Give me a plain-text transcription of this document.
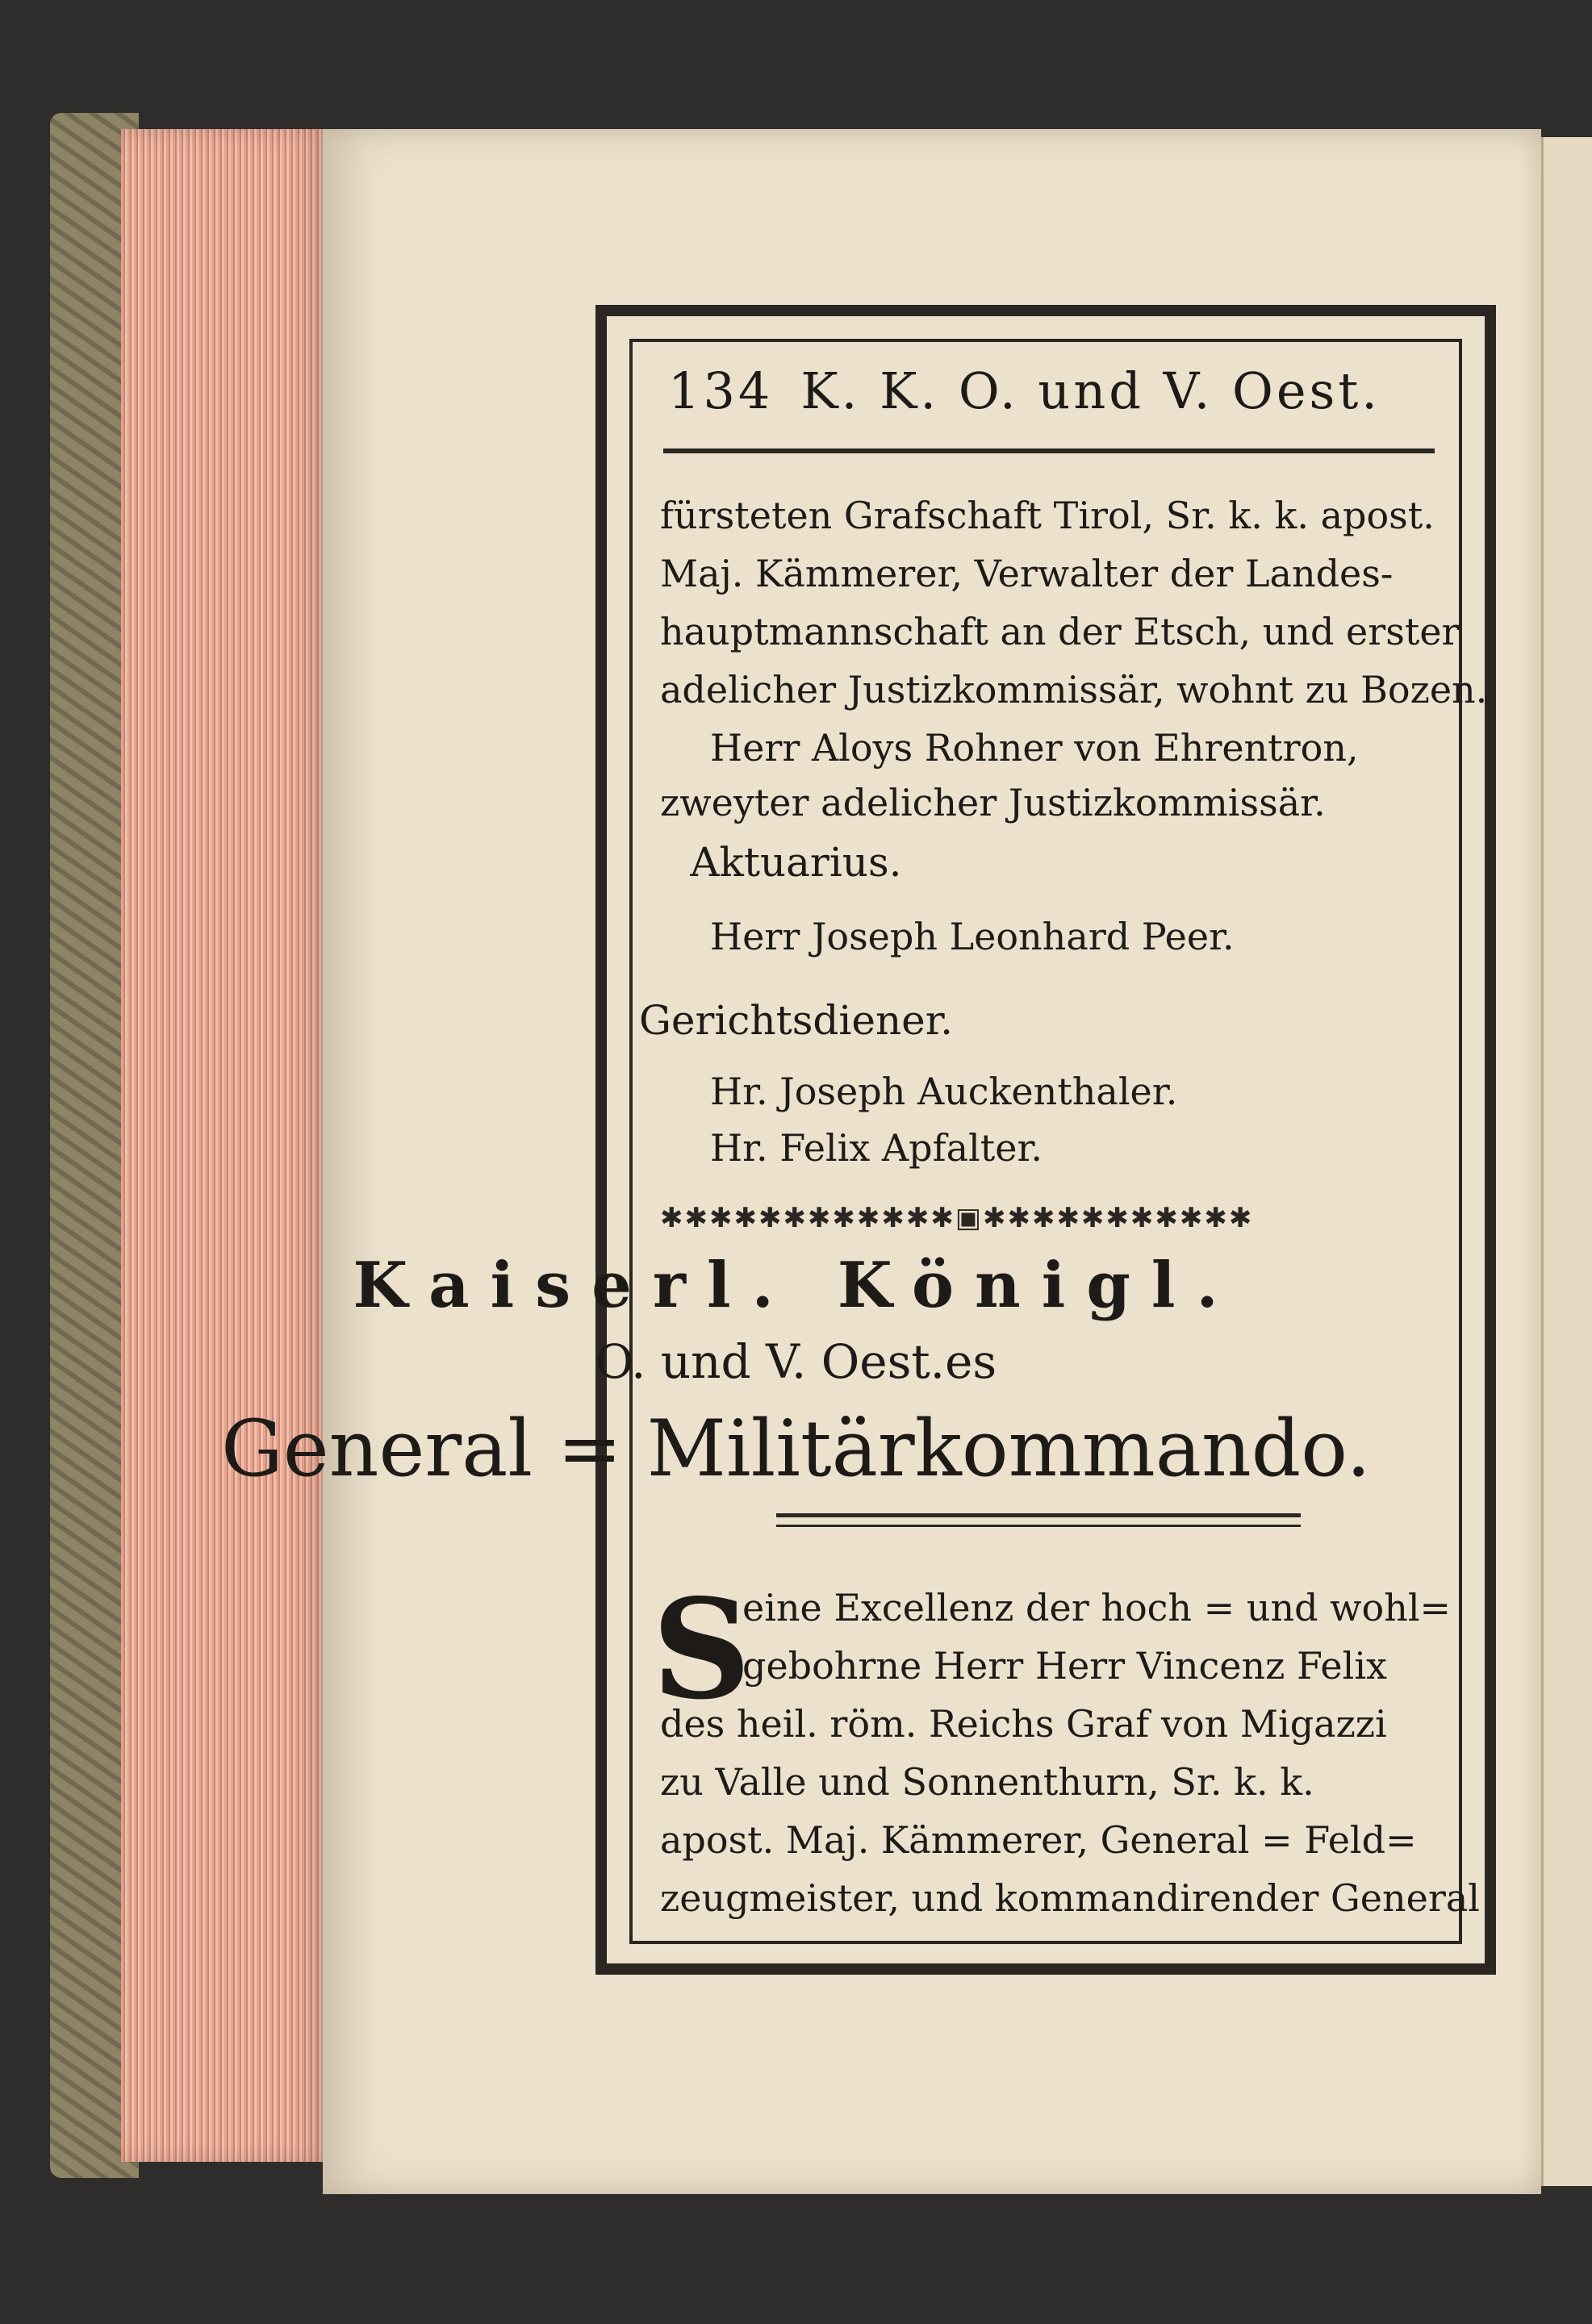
134 K. K. O. und V. Oest.
fürsteten Grafschaft Tirol, Sr. k. k. apost.
Maj. Kämmerer, Verwalter der Landes-
hauptmannschaft an der Etsch, und erster
adelicher Justizkommissär, wohnt zu Bozen.
Herr Aloys Rohner von Ehrentron,
zweyter adelicher Justizkommissär.
Aktuarius.
Herr Joseph Leonhard Peer.
Gerichtsdiener.
Hr. Joseph Auckenthaler.
Hr. Felix Apfalter.
✱✱✱✱✱✱✱✱✱✱✱✱▣✱✱✱✱✱✱✱✱✱✱✱
Kaiserl. Königl.
O. und V. Oest.es
General = Militärkommando.
S
eine Excellenz der hoch = und wohl=
gebohrne Herr Herr Vincenz Felix
des heil. röm. Reichs Graf von Migazzi
zu Valle und Sonnenthurn, Sr. k. k.
apost. Maj. Kämmerer, General = Feld=
zeugmeister, und kommandirender General
